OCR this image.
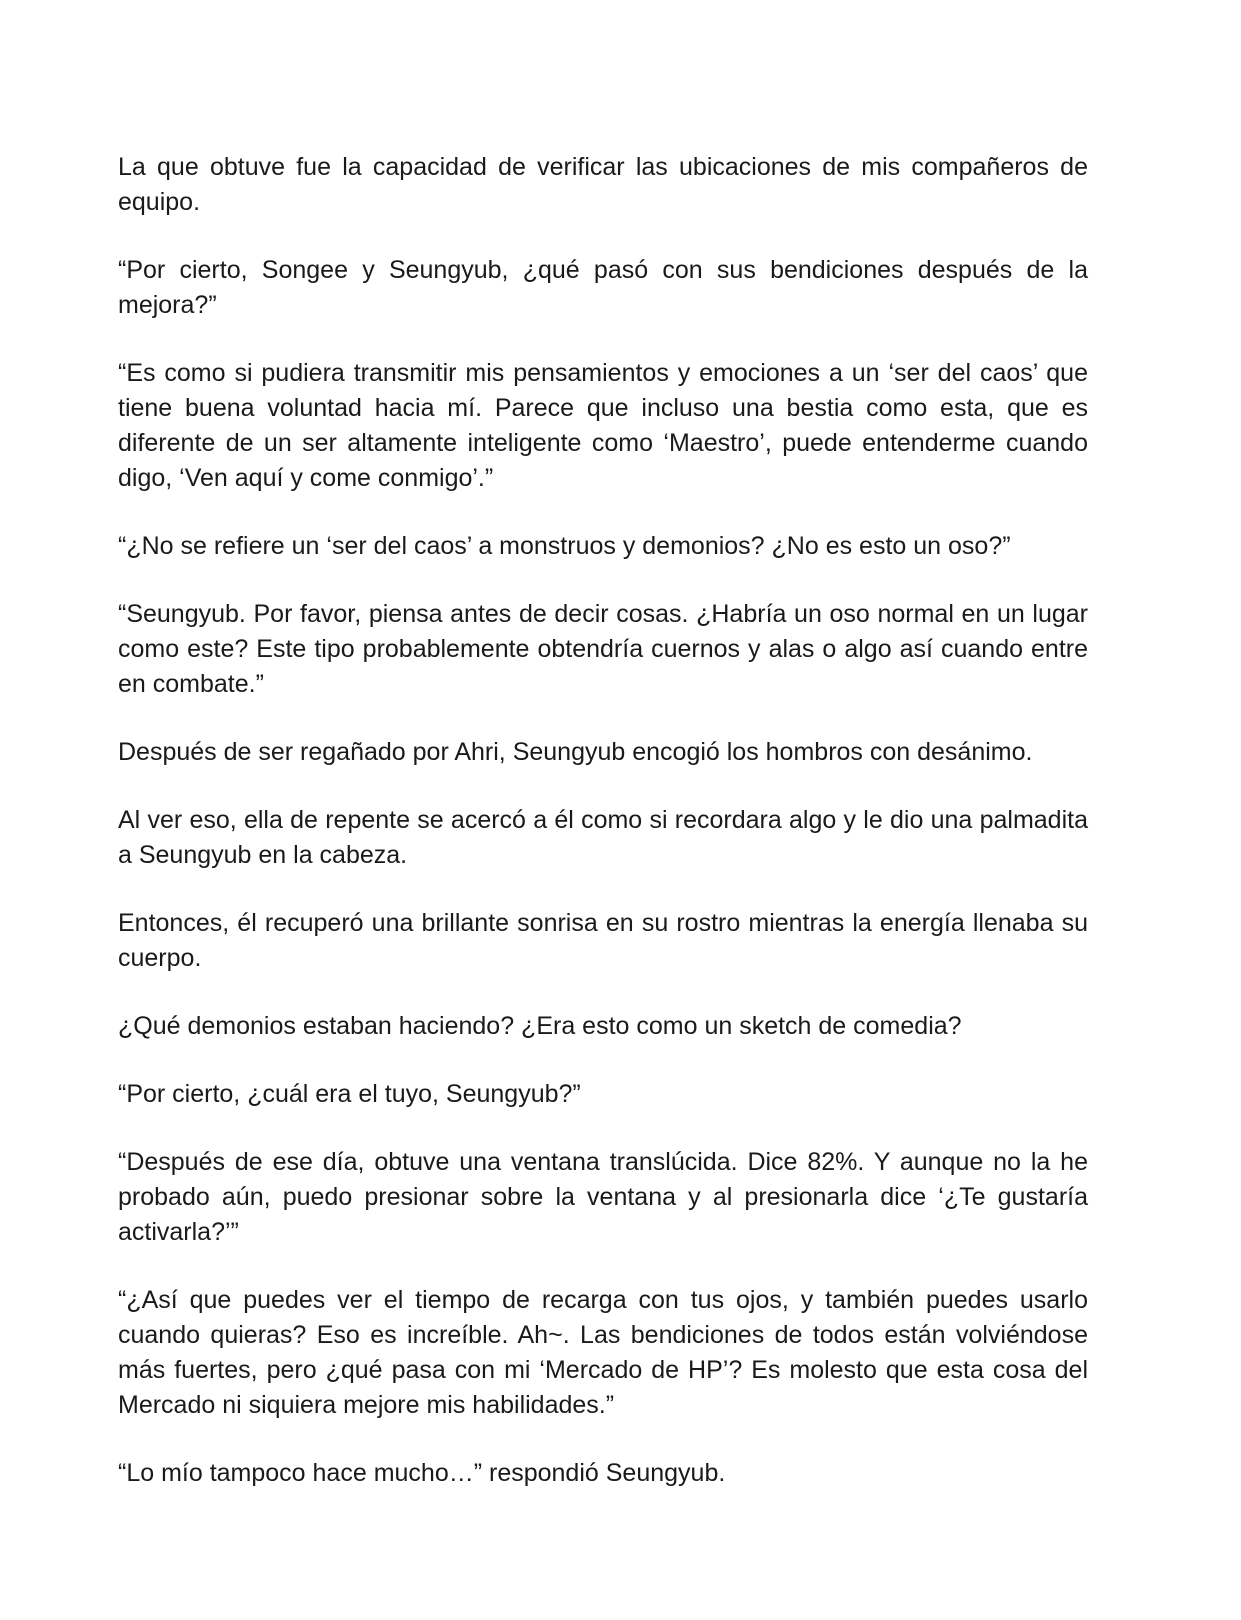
La que obtuve fue la capacidad de verificar las ubicaciones de mis compañeros de equipo.

“Por cierto, Songee y Seungyub, ¿qué pasó con sus bendiciones después de la mejora?”

“Es como si pudiera transmitir mis pensamientos y emociones a un ‘ser del caos’ que tiene buena voluntad hacia mí. Parece que incluso una bestia como esta, que es diferente de un ser altamente inteligente como ‘Maestro’, puede entenderme cuando digo, ‘Ven aquí y come conmigo’.”

“¿No se refiere un ‘ser del caos’ a monstruos y demonios? ¿No es esto un oso?”

“Seungyub. Por favor, piensa antes de decir cosas. ¿Habría un oso normal en un lugar como este? Este tipo probablemente obtendría cuernos y alas o algo así cuando entre en combate.”

Después de ser regañado por Ahri, Seungyub encogió los hombros con desánimo.

Al ver eso, ella de repente se acercó a él como si recordara algo y le dio una palmadita a Seungyub en la cabeza.

Entonces, él recuperó una brillante sonrisa en su rostro mientras la energía llenaba su cuerpo.

¿Qué demonios estaban haciendo? ¿Era esto como un sketch de comedia?

“Por cierto, ¿cuál era el tuyo, Seungyub?”

“Después de ese día, obtuve una ventana translúcida. Dice 82%. Y aunque no la he probado aún, puedo presionar sobre la ventana y al presionarla dice ‘¿Te gustaría activarla?’”

“¿Así que puedes ver el tiempo de recarga con tus ojos, y también puedes usarlo cuando quieras? Eso es increíble. Ah~. Las bendiciones de todos están volviéndose más fuertes, pero ¿qué pasa con mi ‘Mercado de HP’? Es molesto que esta cosa del Mercado ni siquiera mejore mis habilidades.”

“Lo mío tampoco hace mucho…” respondió Seungyub.
